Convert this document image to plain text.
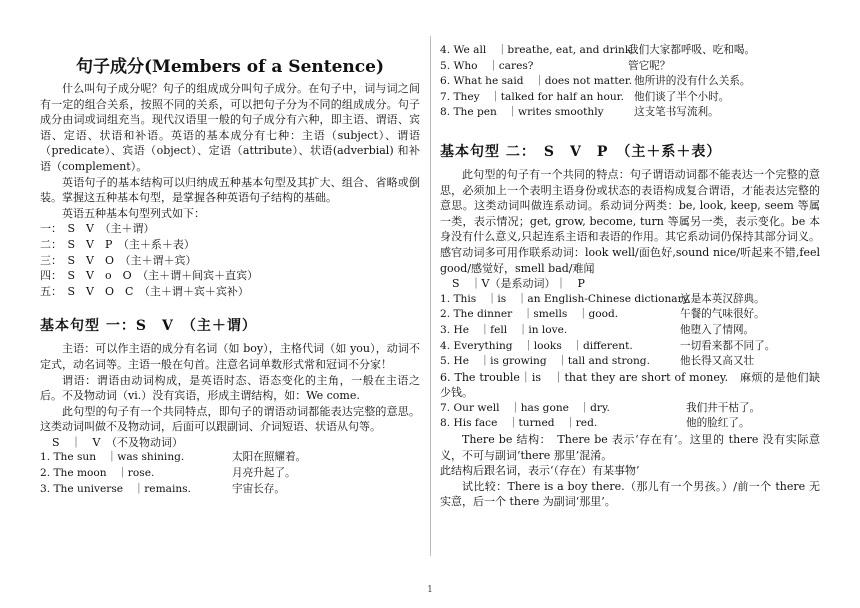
句子成分(Members of a Sentence)

什么叫句子成分呢？句子的组成成分叫句子成分。在句子中，词与词之间有一定的组合关系，按照不同的关系，可以把句子分为不同的组成成分。句子成分由词或词组充当。现代汉语里一般的句子成分有六种，即主语、谓语、宾语、定语、状语和补语。英语的基本成分有七种：主语（subject）、谓语（predicate）、宾语（object）、定语（attribute）、状语(adverbial) 和补语（complement）。

英语句子的基本结构可以归纳成五种基本句型及其扩大、组合、省略或倒装。掌握这五种基本句型，是掌握各种英语句子结构的基础。

英语五种基本句型列式如下：

一：　S　V　（主＋谓）
二：　S　V　P　（主＋系＋表）
三：　S　V　O　（主＋谓＋宾）
四：　S　V　o　O　（主＋谓＋间宾＋直宾）
五：　S　V　O　C　（主＋谓＋宾＋宾补）
基本句型 一：S　V　（主＋谓）

主语：可以作主语的成分有名词（如 boy），主格代词（如 you），动词不定式，动名词等。主语一般在句首。注意名词单数形式常和冠词不分家！

谓语：谓语由动词构成，是英语时态、语态变化的主角，一般在主语之后。不及物动词（vi.）没有宾语，形成主谓结构，如：We come.

此句型的句子有一个共同特点，即句子的谓语动词都能表达完整的意思。这类动词叫做不及物动词，后面可以跟副词、介词短语、状语从句等。

S　｜　V　（不及物动词）
1. The sun　｜was shining.	太阳在照耀着。
2. The moon　｜rose.	月亮升起了。
3. The universe　｜remains.	宇宙长存。
4. We all　｜breathe, eat, and drink.
我们大家都呼吸、吃和喝。
5. Who　｜cares?	管它呢？
6. What he said　｜does not matter. 他所讲的没有什么关系。
7. They　｜talked for half an hour. 他们谈了半个小时。
8. The pen　｜writes smoothly	这支笔书写流利。
基本句型 二：　S　V　P　（主＋系＋表）

此句型的句子有一个共同的特点：句子谓语动词都不能表达一个完整的意思，必须加上一个表明主语身份或状态的表语构成复合谓语，才能表达完整的意思。这类动词叫做连系动词。系动词分两类：be, look, keep, seem 等属一类，表示情况；get, grow, become, turn 等属另一类，表示变化。be 本身没有什么意义,只起连系主语和表语的作用。其它系动词仍保持其部分词义。感官动词多可用作联系动词：look well/面色好,sound nice/听起来不错,feel good/感觉好，smell bad/难闻

S　｜V（是系动词）｜　P
1. This　｜is　｜an English-Chinese dictionary.
这是本英汉辞典。
2. The dinner　｜smells　｜good.	午餐的气味很好。
3. He　｜fell　｜in love.	他堕入了情网。
4. Everything　｜looks　｜different.	一切看来都不同了。
5. He　｜is growing　｜tall and strong.	他长得又高又壮

6. The trouble｜is　｜that they are short of money. 麻烦的是他们缺少钱。

7. Our well　｜has gone　｜dry.	我们井干枯了。
8. His face　｜turned　｜red.	他的脸红了。

There be 结构：　There be 表示‘存在有’。这里的 there 没有实际意义，不可与副词‘there 那里’混淆。

此结构后跟名词，表示‘（存在）有某事物’

试比较：There is a boy there.（那儿有一个男孩。）/前一个 there 无实意，后一个 there 为副词‘那里’。

1
